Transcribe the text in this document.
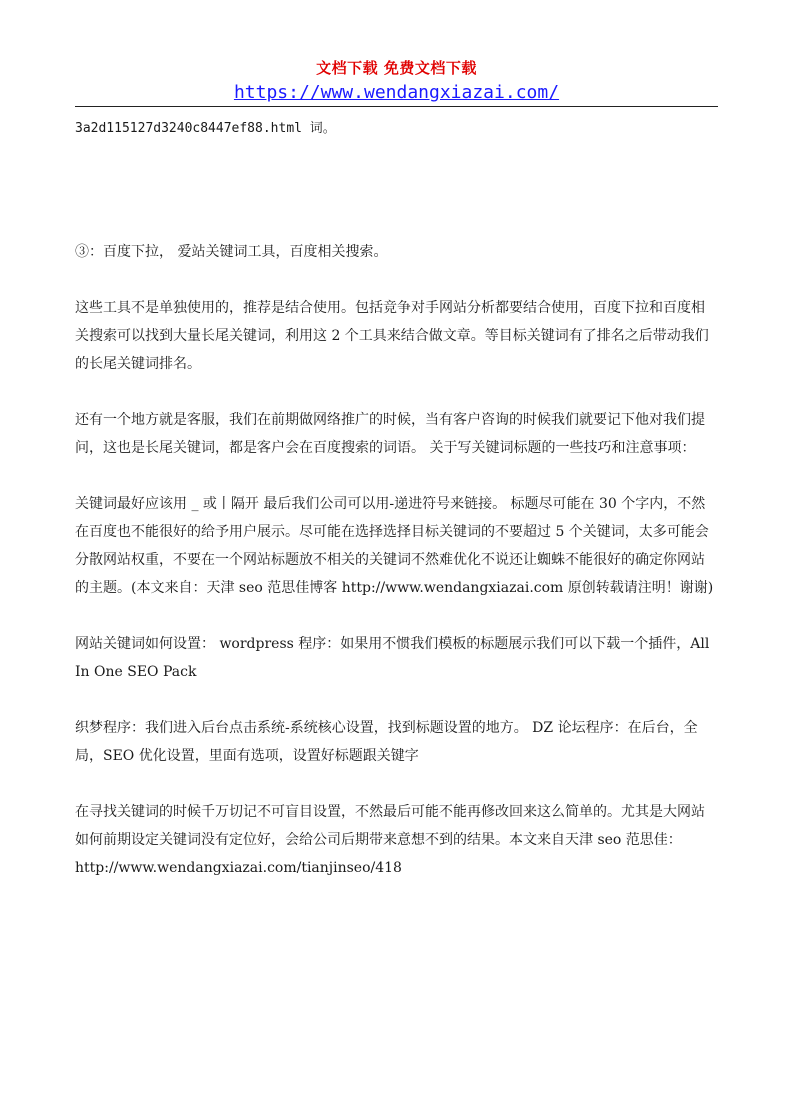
文档下载 免费文档下载
https://www.wendangxiazai.com/

3a2d115127d3240c8447ef88.html 词。

③：百度下拉， 爱站关键词工具，百度相关搜索。

这些工具不是单独使用的，推荐是结合使用。包括竞争对手网站分析都要结合使用，百度下拉和百度相关搜索可以找到大量长尾关键词，利用这 2 个工具来结合做文章。等目标关键词有了排名之后带动我们的长尾关键词排名。

还有一个地方就是客服，我们在前期做网络推广的时候，当有客户咨询的时候我们就要记下他对我们提问，这也是长尾关键词，都是客户会在百度搜索的词语。 关于写关键词标题的一些技巧和注意事项：

关键词最好应该用 _ 或丨隔开 最后我们公司可以用-递进符号来链接。 标题尽可能在 30 个字内，不然在百度也不能很好的给予用户展示。尽可能在选择选择目标关键词的不要超过 5 个关键词，太多可能会分散网站权重，不要在一个网站标题放不相关的关键词不然难优化不说还让蜘蛛不能很好的确定你网站的主题。(本文来自：天津 seo 范思佳博客 http://www.wendangxiazai.com 原创转载请注明！谢谢)

网站关键词如何设置： wordpress 程序：如果用不惯我们模板的标题展示我们可以下载一个插件，All In One SEO Pack

织梦程序：我们进入后台点击系统-系统核心设置，找到标题设置的地方。 DZ 论坛程序：在后台，全局，SEO 优化设置，里面有选项，设置好标题跟关键字

在寻找关键词的时候千万切记不可盲目设置，不然最后可能不能再修改回来这么简单的。尤其是大网站如何前期设定关键词没有定位好，会给公司后期带来意想不到的结果。本文来自天津 seo 范思佳：http://www.wendangxiazai.com/tianjinseo/418
